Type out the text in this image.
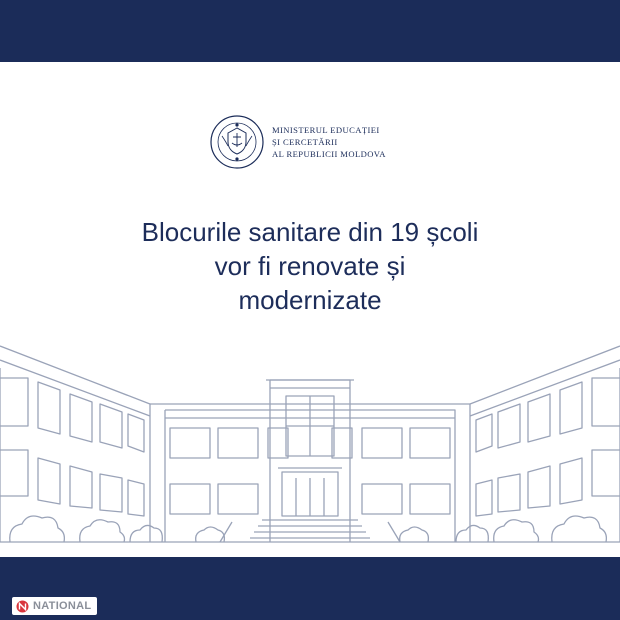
MINISTERUL EDUCAȚIEI
ȘI CERCETĂRII
AL REPUBLICII MOLDOVA
Blocurile sanitare din 19 școli
vor fi renovate și
modernizate
NATIONAL
